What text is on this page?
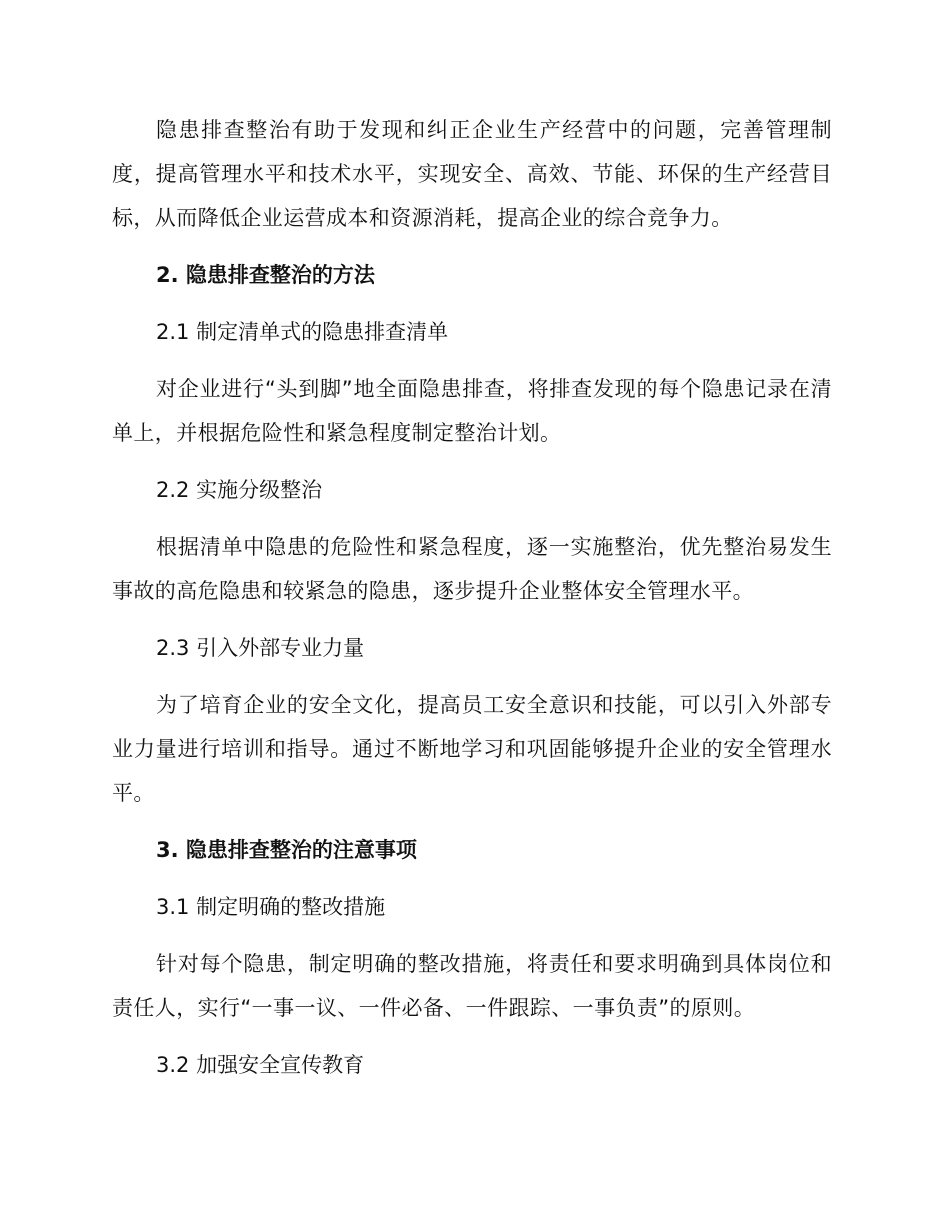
隐患排查整治有助于发现和纠正企业生产经营中的问题，完善管理制度，提高管理水平和技术水平，实现安全、高效、节能、环保的生产经营目标，从而降低企业运营成本和资源消耗，提高企业的综合竞争力。

2. 隐患排查整治的方法

2.1 制定清单式的隐患排查清单

对企业进行“头到脚”地全面隐患排查，将排查发现的每个隐患记录在清单上，并根据危险性和紧急程度制定整治计划。

2.2 实施分级整治

根据清单中隐患的危险性和紧急程度，逐一实施整治，优先整治易发生事故的高危隐患和较紧急的隐患，逐步提升企业整体安全管理水平。

2.3 引入外部专业力量

为了培育企业的安全文化，提高员工安全意识和技能，可以引入外部专业力量进行培训和指导。通过不断地学习和巩固能够提升企业的安全管理水平。

3. 隐患排查整治的注意事项

3.1 制定明确的整改措施

针对每个隐患，制定明确的整改措施，将责任和要求明确到具体岗位和责任人，实行“一事一议、一件必备、一件跟踪、一事负责”的原则。

3.2 加强安全宣传教育
